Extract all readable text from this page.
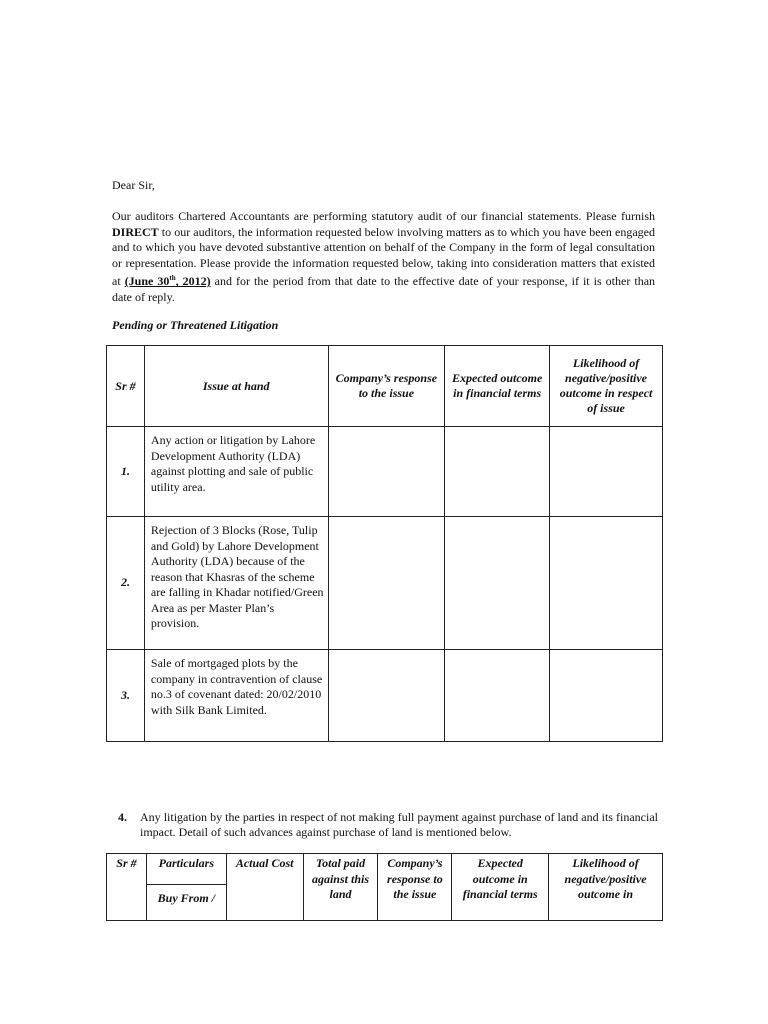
Dear Sir,

Our auditors Chartered Accountants are performing statutory audit of our financial statements. Please furnish DIRECT to our auditors, the information requested below involving matters as to which you have been engaged and to which you have devoted substantive attention on behalf of the Company in the form of legal consultation or representation. Please provide the information requested below, taking into consideration matters that existed at (June 30th, 2012) and for the period from that date to the effective date of your response, if it is other than date of reply.

Pending or Threatened Litigation
Sr #	Issue at hand	Company’s response to the issue	Expected outcome in financial terms	Likelihood of negative/positive outcome in respect of issue
1.	Any action or litigation by Lahore Development Authority (LDA) against plotting and sale of public utility area.			
2.	Rejection of 3 Blocks (Rose, Tulip and Gold) by Lahore Development Authority (LDA) because of the reason that Khasras of the scheme are falling in Khadar notified/Green Area as per Master Plan’s provision.			
3.	Sale of mortgaged plots by the company in contravention of clause no.3 of covenant dated: 20/02/2010 with Silk Bank Limited.			
4. Any litigation by the parties in respect of not making full payment against purchase of land and its financial impact. Detail of such advances against purchase of land is mentioned below.
Sr #	Particulars	Actual Cost	Total paid against this land	Company’s response to the issue	Expected outcome in financial terms	Likelihood of negative/positive outcome in
Buy From /
